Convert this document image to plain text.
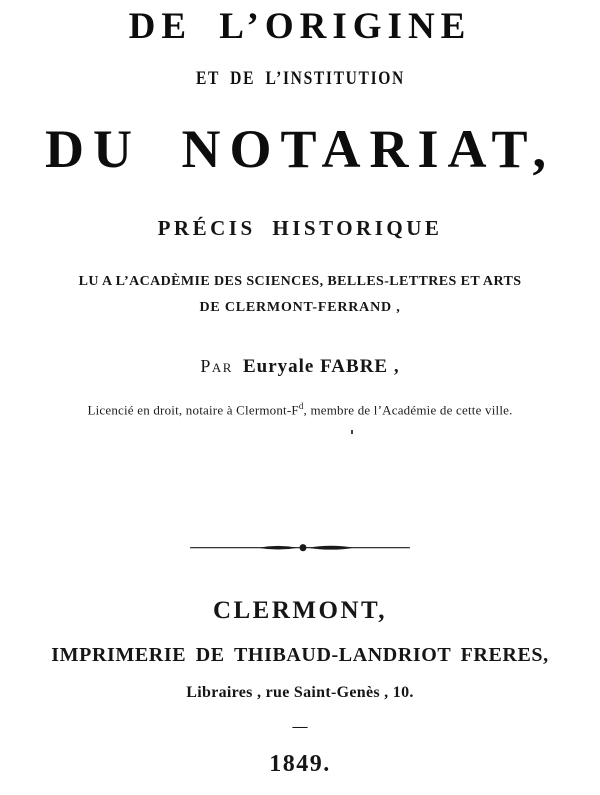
DE L’ORIGINE
ET DE L’INSTITUTION
DU NOTARIAT,
PRÉCIS HISTORIQUE
LU A L’ACADÈMIE DES SCIENCES, BELLES-LETTRES ET ARTS
DE CLERMONT-FERRAND ,
Par Euryale FABRE ,
Licencié en droit, notaire à Clermont-$F^d$, membre de l’Académie de cette ville.
CLERMONT,
IMPRIMERIE DE THIBAUD-LANDRIOT FRERES,
Libraires , rue Saint-Genès , 10.
—
1849.
